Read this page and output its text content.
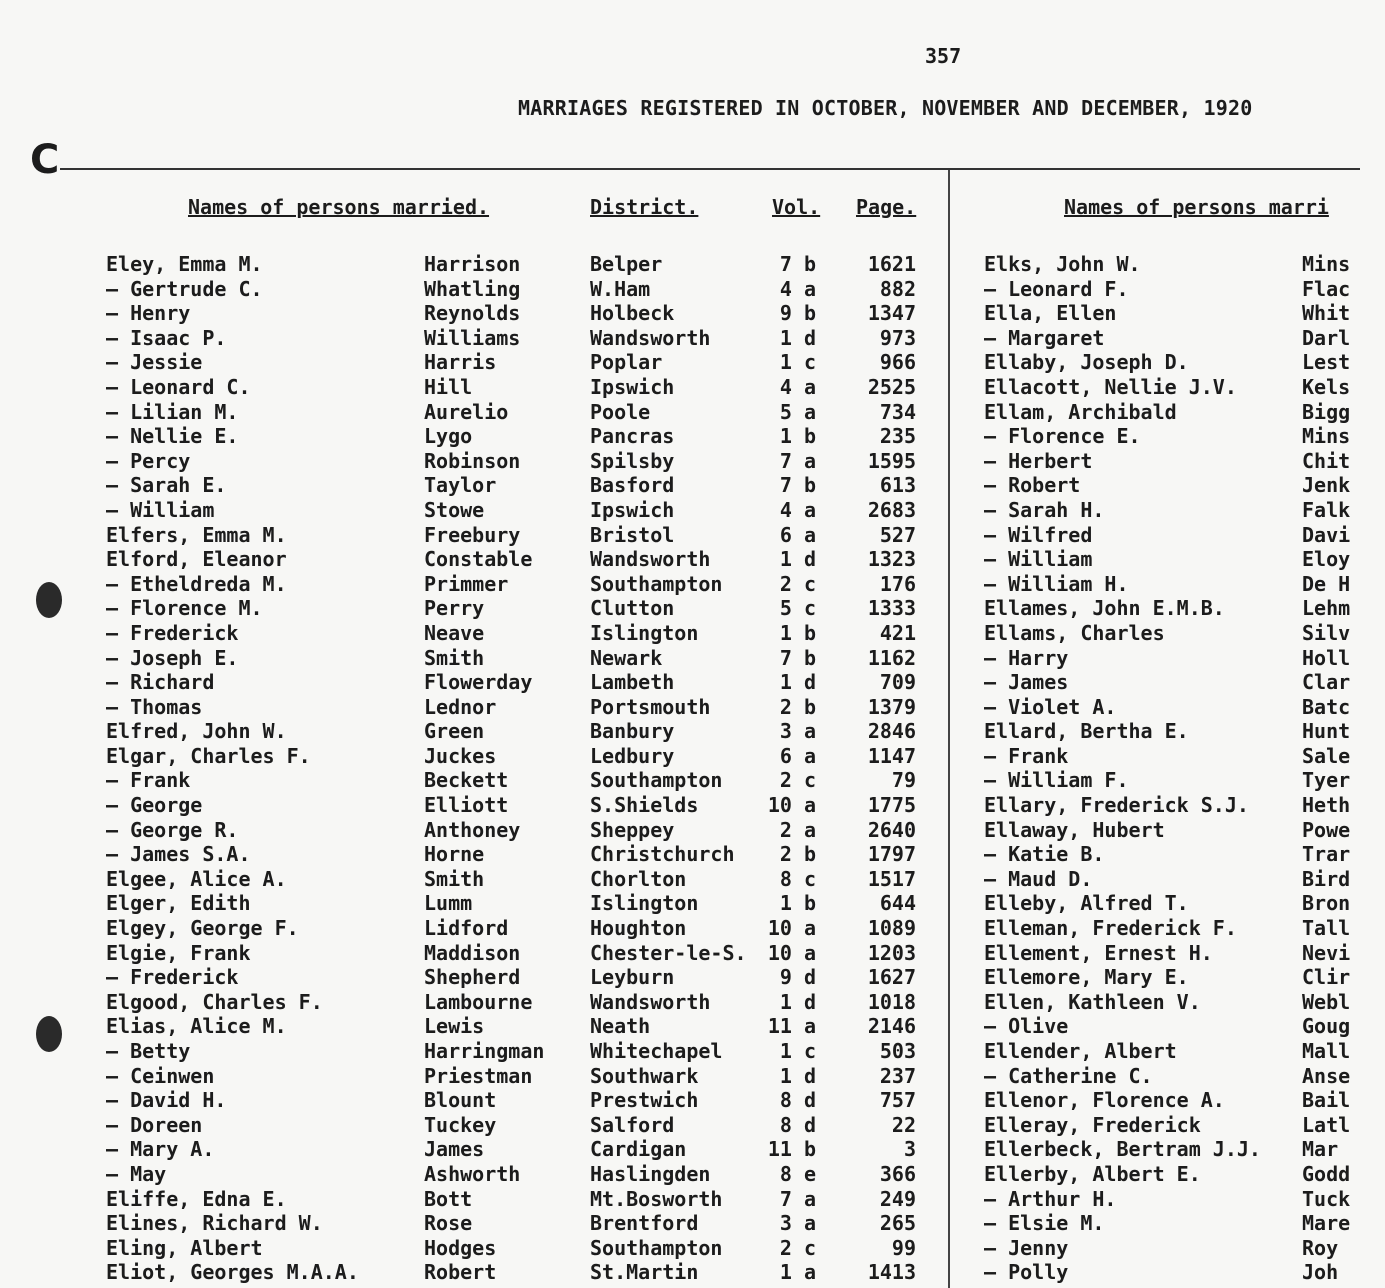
357
MARRIAGES REGISTERED IN OCTOBER, NOVEMBER AND DECEMBER, 1920
C
Names of persons married.	District.	Vol. Page.	Names of persons marri
Eley, Emma M.	Harrison	Belper	7 b	1621
— Gertrude C.	Whatling	W.Ham	4 a	882
— Henry	Reynolds	Holbeck	9 b	1347
— Isaac P.	Williams	Wandsworth	1 d	973
— Jessie	Harris	Poplar	1 c	966
— Leonard C.	Hill	Ipswich	4 a	2525
— Lilian M.	Aurelio	Poole	5 a	734
— Nellie E.	Lygo	Pancras	1 b	235
— Percy	Robinson	Spilsby	7 a	1595
— Sarah E.	Taylor	Basford	7 b	613
— William	Stowe	Ipswich	4 a	2683
Elfers, Emma M.	Freebury	Bristol	6 a	527
Elford, Eleanor	Constable	Wandsworth	1 d	1323
— Etheldreda M.	Primmer	Southampton	2 c	176
— Florence M.	Perry	Clutton	5 c	1333
— Frederick	Neave	Islington	1 b	421
— Joseph E.	Smith	Newark	7 b	1162
— Richard	Flowerday	Lambeth	1 d	709
— Thomas	Lednor	Portsmouth	2 b	1379
Elfred, John W.	Green	Banbury	3 a	2846
Elgar, Charles F.	Juckes	Ledbury	6 a	1147
— Frank	Beckett	Southampton	2 c	79
— George	Elliott	S.Shields	10 a	1775
— George R.	Anthoney	Sheppey	2 a	2640
— James S.A.	Horne	Christchurch	2 b	1797
Elgee, Alice A.	Smith	Chorlton	8 c	1517
Elger, Edith	Lumm	Islington	1 b	644
Elgey, George F.	Lidford	Houghton	10 a	1089
Elgie, Frank	Maddison	Chester-le-S. 10 a	1203
— Frederick	Shepherd	Leyburn	9 d	1627
Elgood, Charles F.	Lambourne	Wandsworth	1 d	1018
Elias, Alice M.	Lewis	Neath	11 a	2146
— Betty	Harringman Whitechapel	1 c	503
— Ceinwen	Priestman	Southwark	1 d	237
— David H.	Blount	Prestwich	8 d	757
— Doreen	Tuckey	Salford	8 d	22
— Mary A.	James	Cardigan	11 b	3
— May	Ashworth	Haslingden	8 e	366
Eliffe, Edna E.	Bott	Mt.Bosworth	7 a	249
Elines, Richard W.	Rose	Brentford	3 a	265
Eling, Albert	Hodges	Southampton	2 c	99
Eliot, Georges M.A.A.	Robert	St.Martin	1 a	1413
Elks, John W.	Mins
— Leonard F.	Flac
Ella, Ellen	Whit
— Margaret	Darl
Ellaby, Joseph D.	Lest
Ellacott, Nellie J.V.	Kels
Ellam, Archibald	Bigg
— Florence E.	Mins
— Herbert	Chit
— Robert	Jenk
— Sarah H.	Falk
— Wilfred	Davi
— William	Eloy
— William H.	De H
Ellames, John E.M.B.	Lehm
Ellams, Charles	Silv
— Harry	Holl
— James	Clar
— Violet A.	Batc
Ellard, Bertha E.	Hunt
— Frank	Sale
— William F.	Tyer
Ellary, Frederick S.J.	Heth
Ellaway, Hubert	Powe
— Katie B.	Trar
— Maud D.	Bird
Elleby, Alfred T.	Bron
Elleman, Frederick F.	Tall
Ellement, Ernest H.	Nevi
Ellemore, Mary E.	Clir
Ellen, Kathleen V.	Webl
— Olive	Goug
Ellender, Albert	Mall
— Catherine C.	Anse
Ellenor, Florence A.	Bail
Elleray, Frederick	Latl
Ellerbeck, Bertram J.J. Mar
Ellerby, Albert E.	Godd
— Arthur H.	Tuck
— Elsie M.	Mare
— Jenny	Roy
— Polly	Joh
